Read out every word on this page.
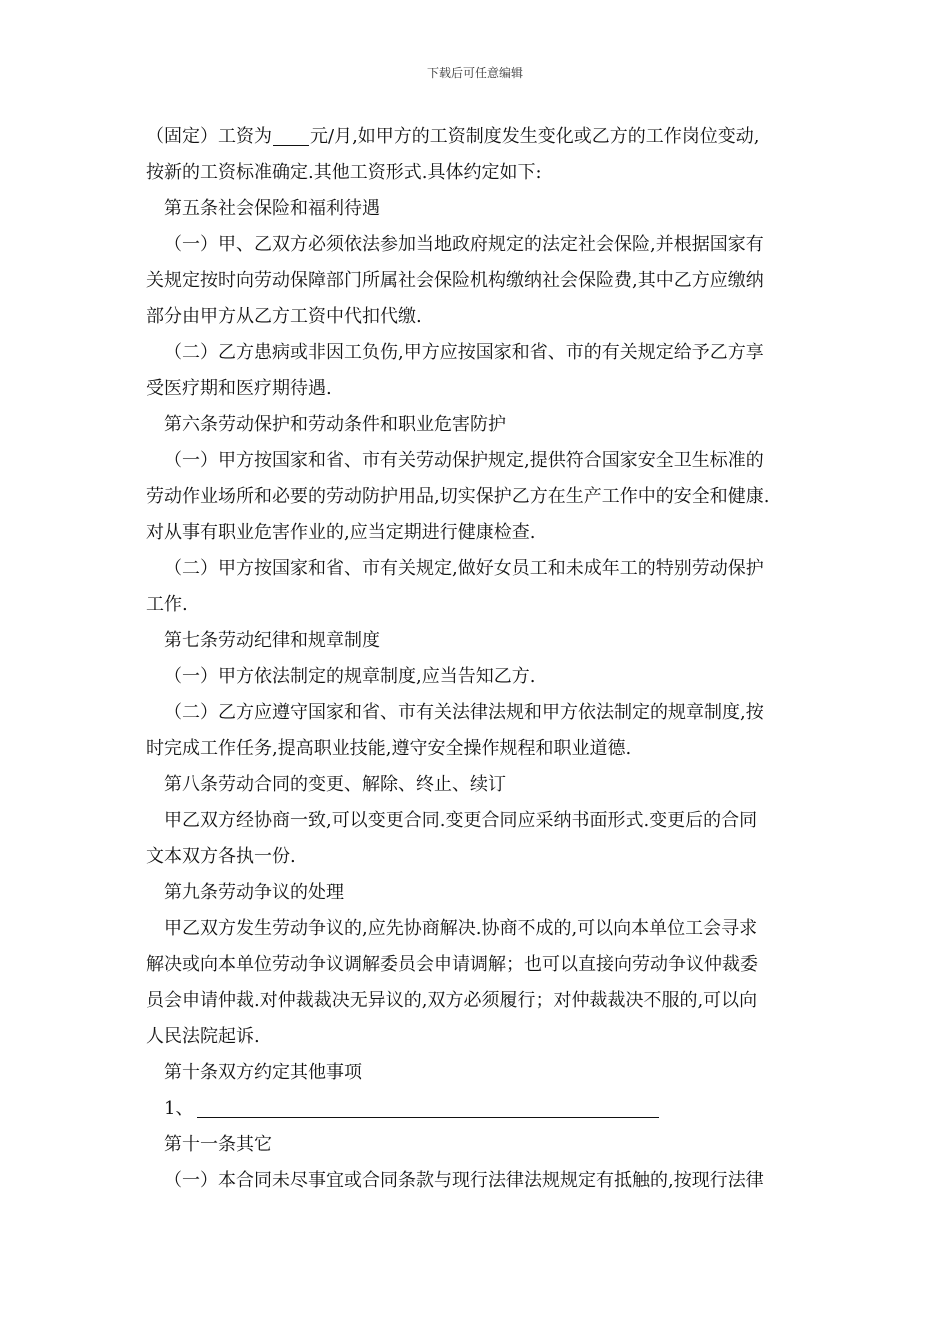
下载后可任意编辑
（固定）工资为 元/月,如甲方的工资制度发生变化或乙方的工作岗位变动,
按新的工资标准确定.其他工资形式.具体约定如下:
第五条社会保险和福利待遇
（一）甲、乙双方必须依法参加当地政府规定的法定社会保险,并根据国家有
关规定按时向劳动保障部门所属社会保险机构缴纳社会保险费,其中乙方应缴纳
部分由甲方从乙方工资中代扣代缴.
（二）乙方患病或非因工负伤,甲方应按国家和省、市的有关规定给予乙方享
受医疗期和医疗期待遇.
第六条劳动保护和劳动条件和职业危害防护
（一）甲方按国家和省、市有关劳动保护规定,提供符合国家安全卫生标准的
劳动作业场所和必要的劳动防护用品,切实保护乙方在生产工作中的安全和健康.
对从事有职业危害作业的,应当定期进行健康检查.
（二）甲方按国家和省、市有关规定,做好女员工和未成年工的特别劳动保护
工作.
第七条劳动纪律和规章制度
（一）甲方依法制定的规章制度,应当告知乙方.
（二）乙方应遵守国家和省、市有关法律法规和甲方依法制定的规章制度,按
时完成工作任务,提高职业技能,遵守安全操作规程和职业道德.
第八条劳动合同的变更、解除、终止、续订
甲乙双方经协商一致,可以变更合同.变更合同应采纳书面形式.变更后的合同
文本双方各执一份.
第九条劳动争议的处理
甲乙双方发生劳动争议的,应先协商解决.协商不成的,可以向本单位工会寻求
解决或向本单位劳动争议调解委员会申请调解；也可以直接向劳动争议仲裁委
员会申请仲裁.对仲裁裁决无异议的,双方必须履行；对仲裁裁决不服的,可以向
人民法院起诉.
第十条双方约定其他事项
1、
第十一条其它
（一）本合同未尽事宜或合同条款与现行法律法规规定有抵触的,按现行法律
